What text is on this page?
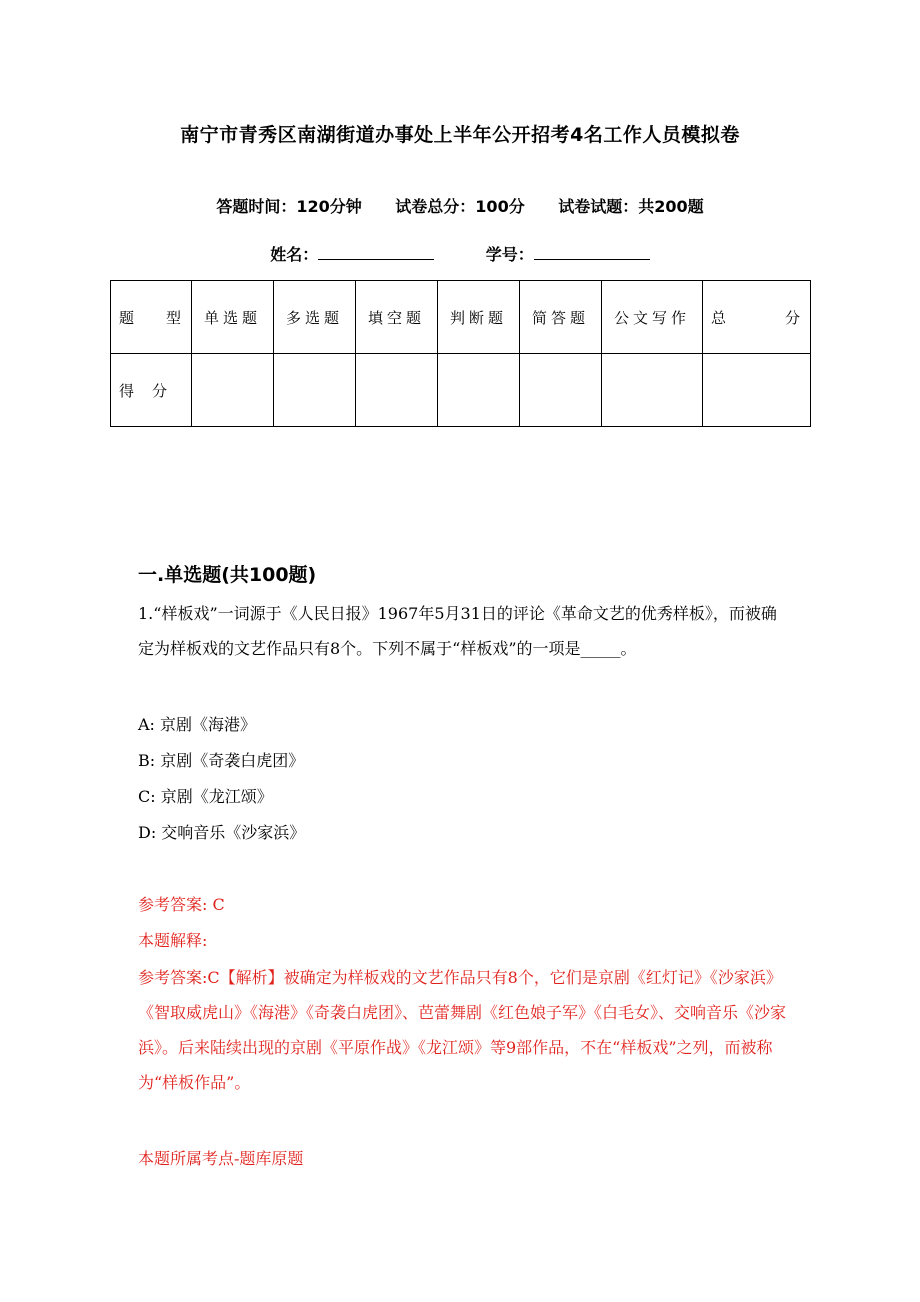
南宁市青秀区南湖街道办事处上半年公开招考4名工作人员模拟卷
答题时间：120分钟 试卷总分：100分 试卷试题：共200题
姓名：	学号：
题 型	单选题	多选题	填空题	判断题	简答题	公文写作	总 分

得 分							

一.单选题(共100题)
1.“样板戏”一词源于《人民日报》1967年5月31日的评论《革命文艺的优秀样板》，而被确定为样板戏的文艺作品只有8个。下列不属于“样板戏”的一项是_____。
A: 京剧《海港》
B: 京剧《奇袭白虎团》
C: 京剧《龙江颂》
D: 交响音乐《沙家浜》
参考答案: C
本题解释:
参考答案:C【解析】被确定为样板戏的文艺作品只有8个，它们是京剧《红灯记》《沙家浜》《智取威虎山》《海港》《奇袭白虎团》、芭蕾舞剧《红色娘子军》《白毛女》、交响音乐《沙家浜》。后来陆续出现的京剧《平原作战》《龙江颂》等9部作品，不在“样板戏”之列，而被称为“样板作品”。
本题所属考点-题库原题
